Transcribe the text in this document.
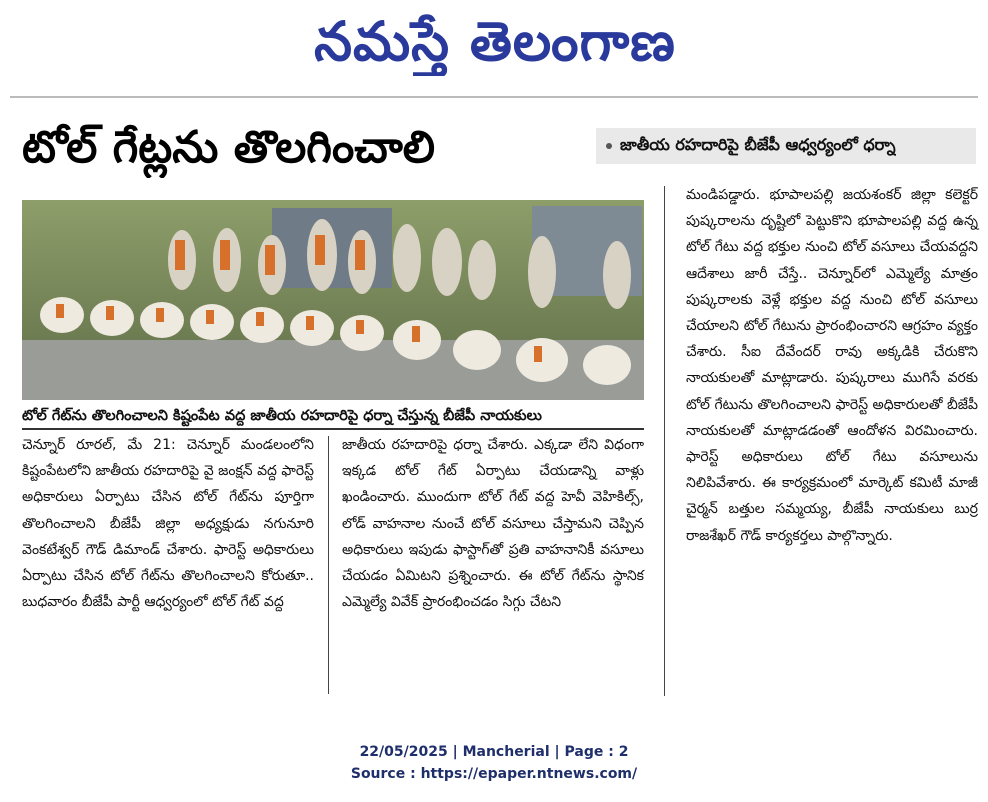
నమస్తే తెలంగాణ
టోల్ గేట్లను తొలగించాలి	జాతీయ రహదారిపై బీజేపీ ఆధ్వర్యంలో ధర్నా
టోల్ గేట్‌ను తొలగించాలని కిష్టంపేట వద్ద జాతీయ రహదారిపై ధర్నా చేస్తున్న బీజేపీ నాయకులు

చెన్నూర్ రూరల్, మే 21: చెన్నూర్ మండలంలోని కిష్టంపేటలోని జాతీయ రహదారిపై వై జంక్షన్ వద్ద ఫారెస్ట్ అధికారులు ఏర్పాటు చేసిన టోల్ గేట్‌ను పూర్తిగా తొలగించాలని బీజేపీ జిల్లా అధ్యక్షుడు నగునూరి వెంకటేశ్వర్ గౌడ్ డిమాండ్ చేశారు. ఫారెస్ట్ అధికారులు ఏర్పాటు చేసిన టోల్ గేట్‌ను తొలగించాలని కోరుతూ.. బుధవారం బీజేపీ పార్టీ ఆధ్వర్యంలో టోల్ గేట్ వద్ద

జాతీయ రహదారిపై ధర్నా చేశారు. ఎక్కడా లేని విధంగా ఇక్కడ టోల్ గేట్ ఏర్పాటు చేయడాన్ని వాళ్లు ఖండించారు. ముందుగా టోల్ గేట్ వద్ద హెవీ వెహికిల్స్, లోడ్ వాహనాల నుంచే టోల్ వసూలు చేస్తామని చెప్పిన అధికారులు ఇపుడు ఫాస్టాగ్‌తో ప్రతి వాహనానికీ వసూలు చేయడం ఏమిటని ప్రశ్నించారు. ఈ టోల్ గేట్‌ను స్థానిక ఎమ్మెల్యే వివేక్ ప్రారంభించడం సిగ్గు చేటని

మండిపడ్డారు. భూపాలపల్లి జయశంకర్ జిల్లా కలెక్టర్ పుష్కరాలను దృష్టిలో పెట్టుకొని భూపాలపల్లి వద్ద ఉన్న టోల్ గేటు వద్ద భక్తుల నుంచి టోల్ వసూలు చేయవద్దని ఆదేశాలు జారీ చేస్తే.. చెన్నూర్‌లో ఎమ్మెల్యే మాత్రం పుష్కరాలకు వెళ్లే భక్తుల వద్ద నుంచి టోల్ వసూలు చేయాలని టోల్ గేటును ప్రారంభించారని ఆగ్రహం వ్యక్తం చేశారు. సీఐ దేవేందర్ రావు అక్కడికి చేరుకొని నాయకులతో మాట్లాడారు. పుష్కరాలు ముగిసే వరకు టోల్ గేటును తొలగించాలని ఫారెస్ట్ అధికారులతో బీజేపీ నాయకులతో మాట్లాడడంతో ఆందోళన విరమించారు. ఫారెస్ట్ అధికారులు టోల్ గేటు వసూలును నిలిపివేశారు. ఈ కార్యక్రమంలో మార్కెట్ కమిటీ మాజీ చైర్మన్ బత్తుల సమ్మయ్య, బీజేపీ నాయకులు బుర్ర రాజశేఖర్ గౌడ్ కార్యకర్తలు పాల్గొన్నారు.

22/05/2025 | Mancherial | Page : 2
Source : https://epaper.ntnews.com/
